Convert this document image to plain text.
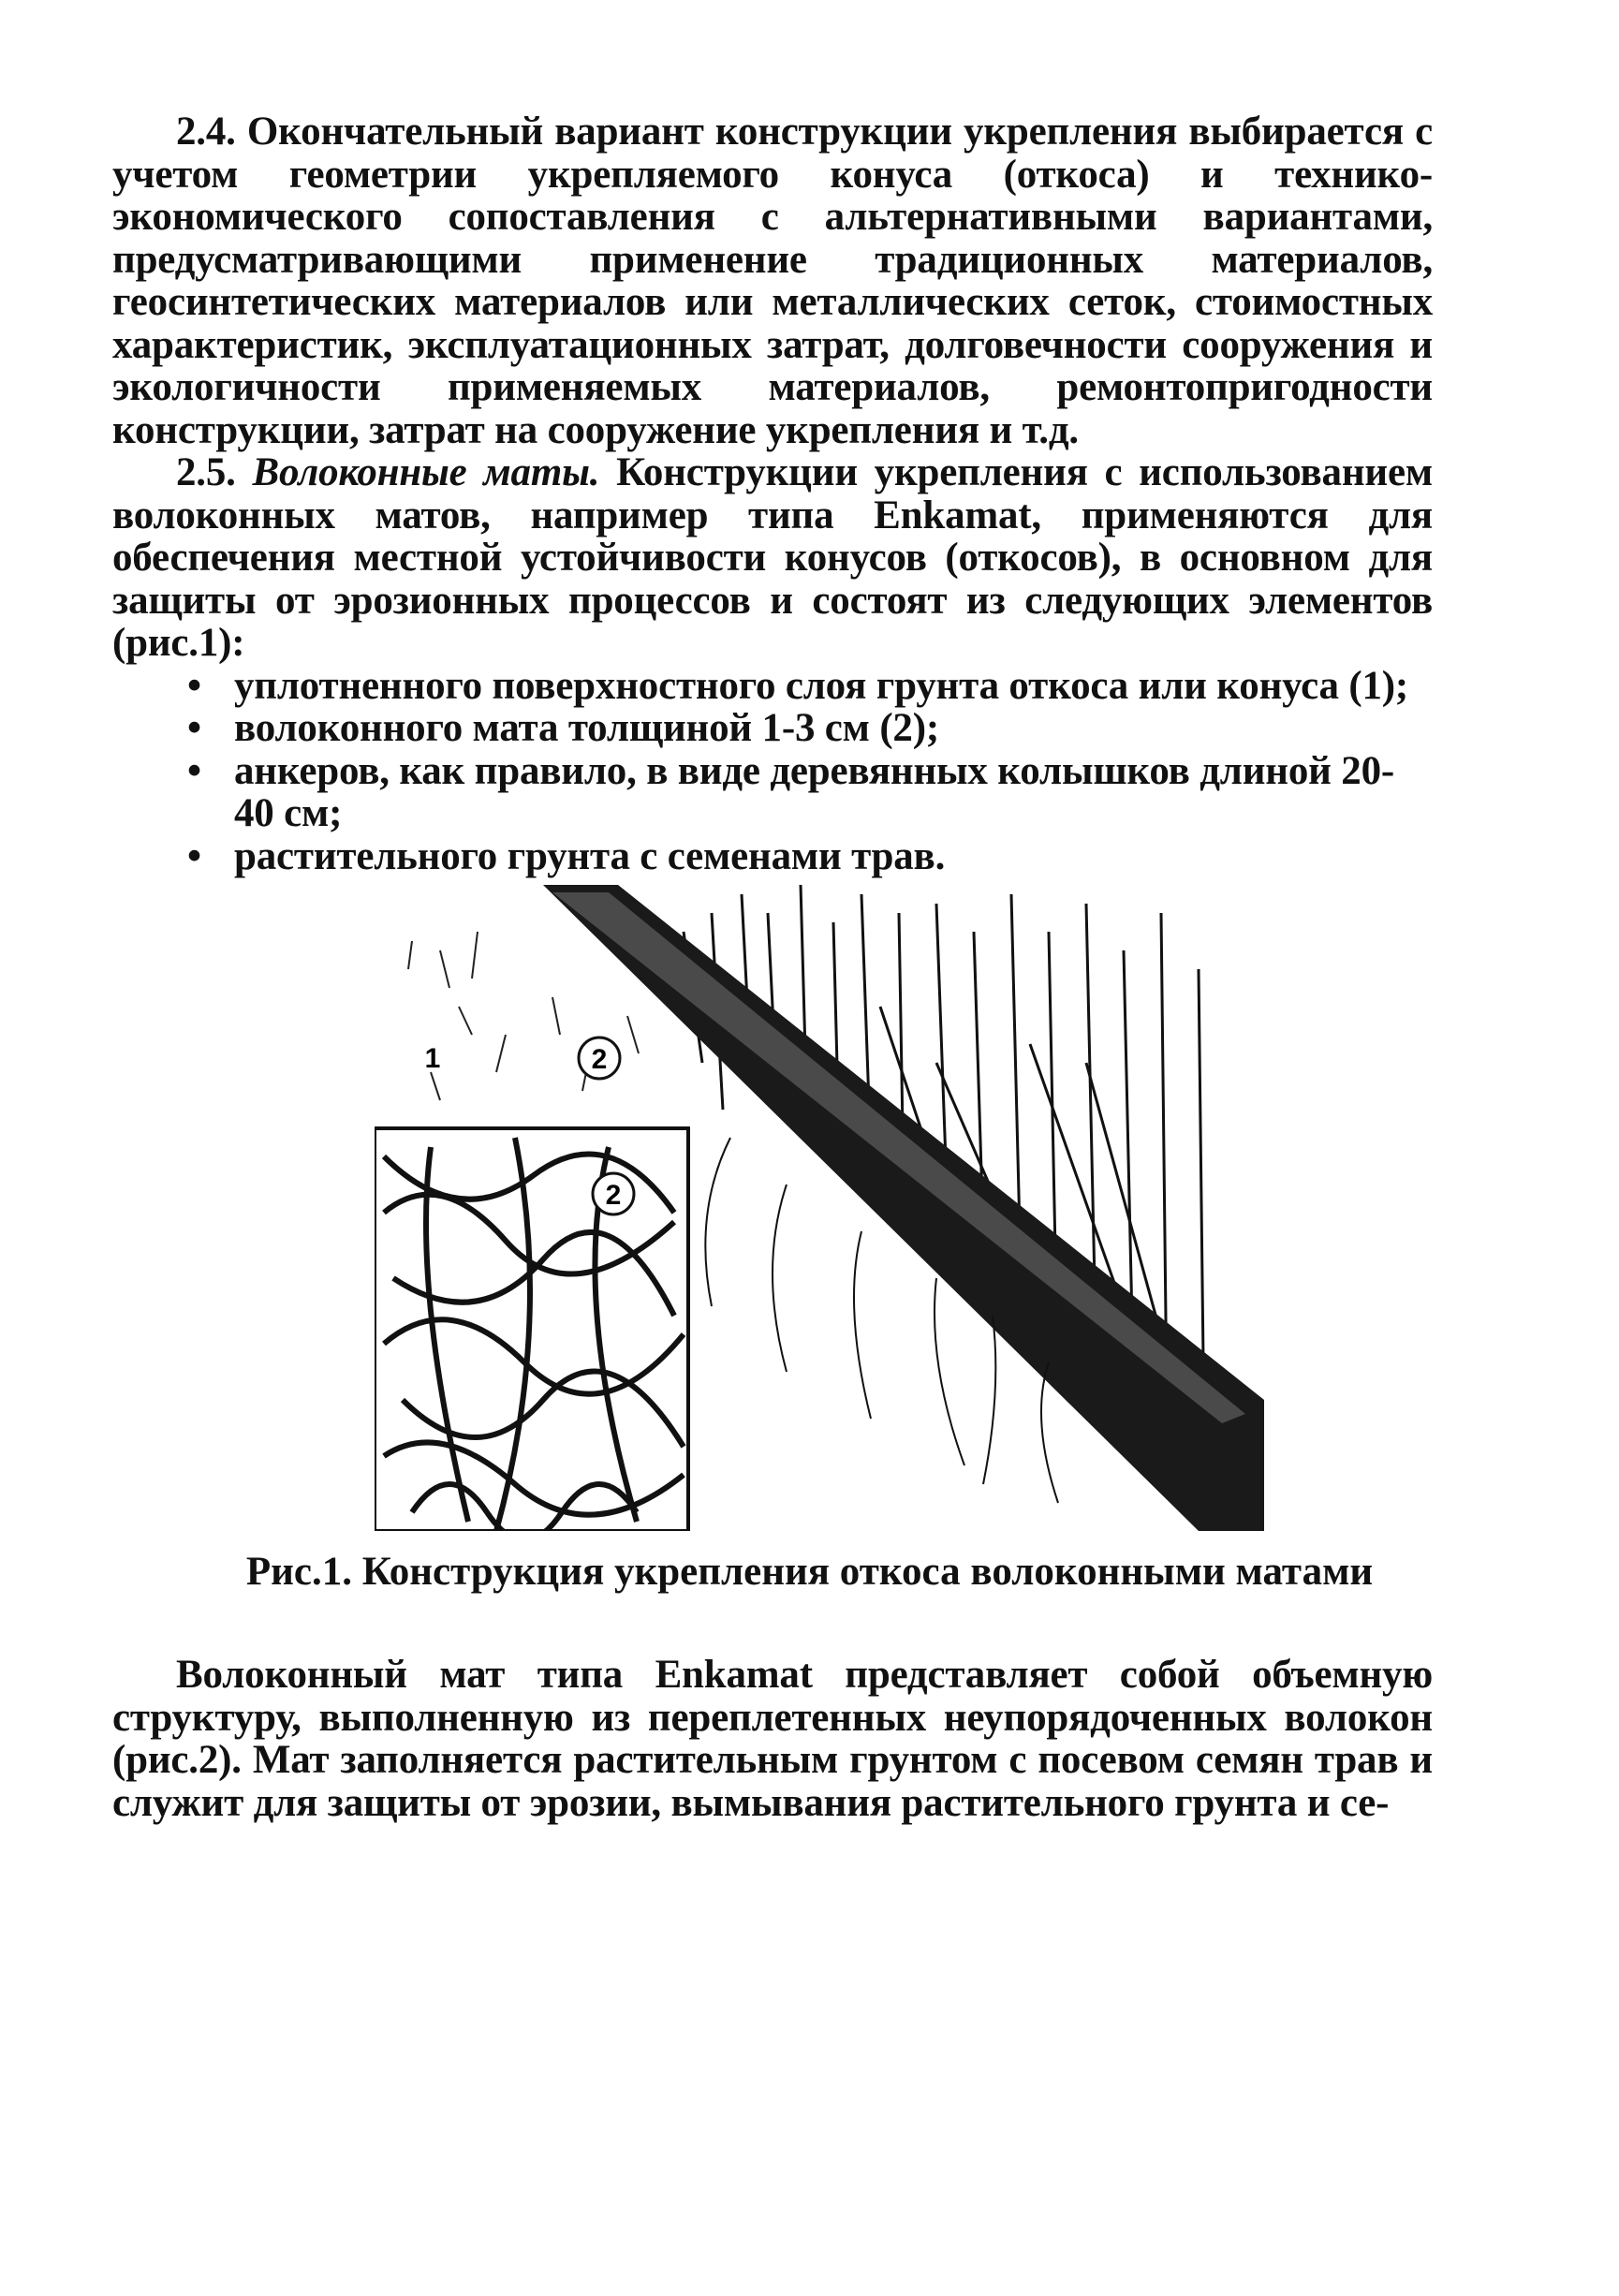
2.4. Окончательный вариант конструкции укрепления выбирается с учетом геометрии укрепляемого конуса (откоса) и технико-экономического сопоставления с альтернативными вариантами, предусматривающими применение традиционных материалов, геосинтетических материалов или металлических сеток, стоимостных характеристик, эксплуатационных затрат, долговечности сооружения и экологичности применяемых материалов, ремонтопригодности конструкции, затрат на сооружение укрепления и т.д.

2.5. Волоконные маты. Конструкции укрепления с использованием волоконных матов, например типа Enkamat, применяются для обеспечения местной устойчивости конусов (откосов), в основном для защиты от эрозионных процессов и состоят из следующих элементов (рис.1):

• уплотненного поверхностного слоя грунта откоса или конуса (1);
• волоконного мата толщиной 1-3 см (2);
• анкеров, как правило, в виде деревянных колышков длиной 20-40 см;
• растительного грунта с семенами трав.
2
1
2
Рис.1. Конструкция укрепления откоса волоконными матами

Волоконный мат типа Enkamat представляет собой объемную структуру, выполненную из переплетенных неупорядоченных волокон (рис.2). Мат заполняется растительным грунтом с посевом семян трав и служит для защиты от эрозии, вымывания растительного грунта и се-
